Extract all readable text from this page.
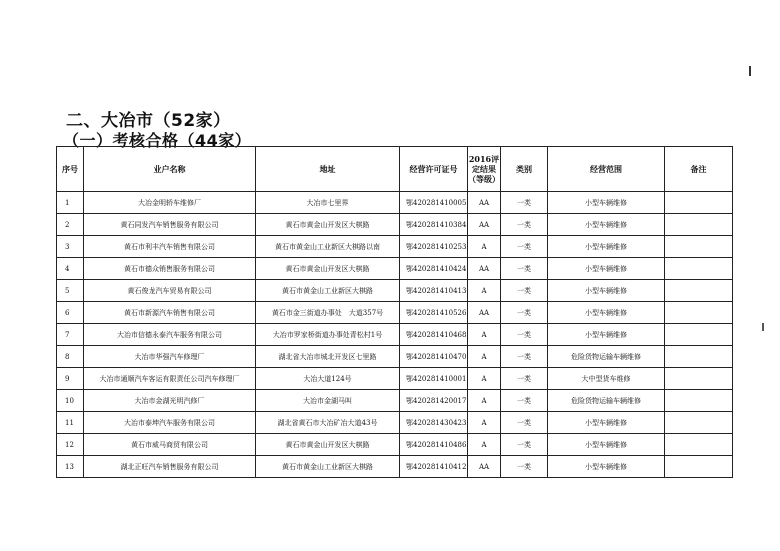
二、大冶市（52家）
（一）考核合格（44家）
序号	业户名称	地址	经营许可证号	2016评定结果（等级）	类别	经营范围	备注
1	大冶金明轿车维修厂	大冶市七里界	鄂420281410005	AA	一类	小型车辆维修	
2	黄石同发汽车销售服务有限公司	黄石市黄金山开发区大棋路	鄂420281410384	AA	一类	小型车辆维修	
3	黄石市利丰汽车销售有限公司	黄石市黄金山工业新区大棋路以南	鄂420281410253	A	一类	小型车辆维修	
4	黄石市德众销售服务有限公司	黄石市黄金山开发区大棋路	鄂420281410424	AA	一类	小型车辆维修	
5	黄石俊龙汽车贸易有限公司	黄石市黄金山工业新区大棋路	鄂420281410413	A	一类	小型车辆维修	
6	黄石市新源汽车销售有限公司	黄石市金三街道办事处　大道357号	鄂420281410526	AA	一类	小型车辆维修	
7	大冶市信德永泰汽车服务有限公司	大冶市罗家桥街道办事处青松村1号	鄂420281410468	A	一类	小型车辆维修	
8	大冶市华强汽车修理厂	湖北省大冶市城北开发区七里路	鄂420281410470	A	一类	危险货物运输车辆维修	
9	大冶市通顺汽车客运有限责任公司汽车修理厂	大冶大道124号	鄂420281410001	A	一类	大中型货车维修	
10	大冶市金湖光明汽修厂	大冶市金湖马叫	鄂420281420017	A	一类	危险货物运输车辆维修	
11	大冶市泰坤汽车服务有限公司	湖北省黄石市大冶矿冶大道43号	鄂420281430423	A	一类	小型车辆维修	
12	黄石市威马商贸有限公司	黄石市黄金山开发区大棋路	鄂420281410486	A	一类	小型车辆维修	
13	湖北正旺汽车销售服务有限公司	黄石市黄金山工业新区大棋路	鄂420281410412	AA	一类	小型车辆维修	
